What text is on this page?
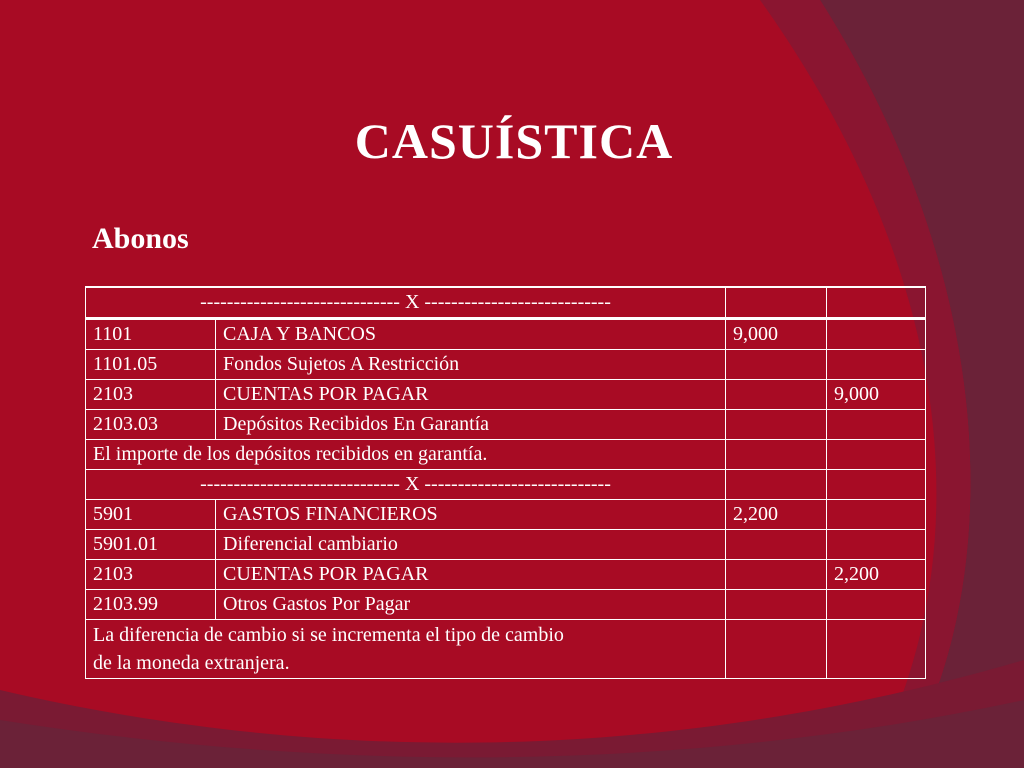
CASUÍSTICA
Abonos
------------------------------ X ----------------------------			
1101	CAJA Y BANCOS	9,000	
1101.05	Fondos Sujetos A Restricción		
2103	CUENTAS POR PAGAR		9,000
2103.03	Depósitos Recibidos En Garantía		
El importe de los depósitos recibidos en garantía.			
------------------------------ X ----------------------------			
5901	GASTOS FINANCIEROS	2,200	
5901.01	Diferencial cambiario		
2103	CUENTAS POR PAGAR		2,200
2103.99	Otros Gastos Por Pagar		

La diferencia de cambio si se incrementa el tipo de cambio
de la moneda extranjera.			
